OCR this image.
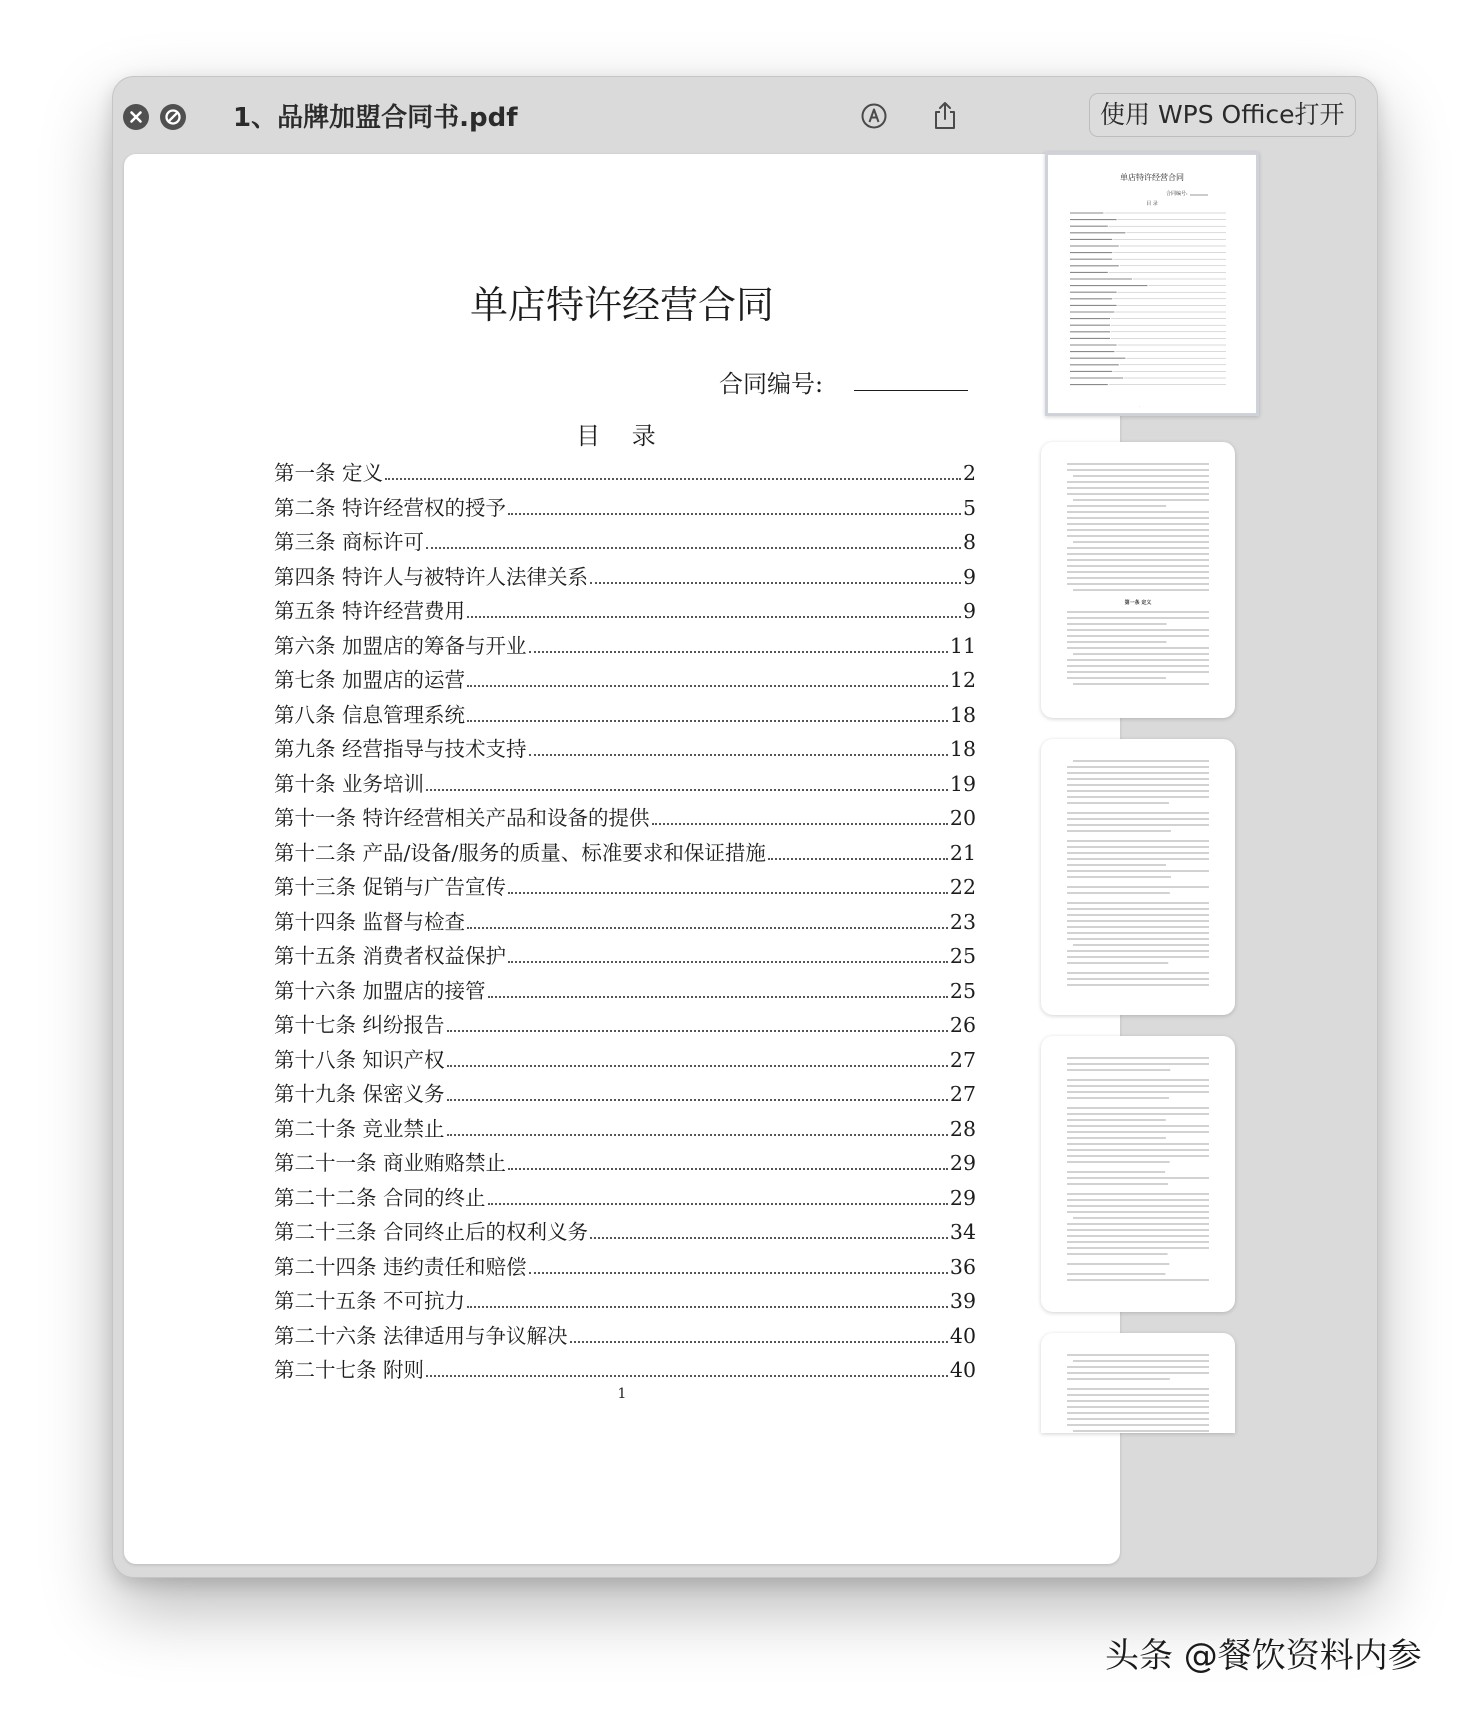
1、品牌加盟合同书.pdf	使用 WPS Office打开
单店特许经营合同
合同编号:
目 录
第一条 定义	2
第二条 特许经营权的授予	5
第三条 商标许可	8
第四条 特许人与被特许人法律关系	9
第五条 特许经营费用	9
第六条 加盟店的筹备与开业	11
第七条 加盟店的运营	12
第八条 信息管理系统	18
第九条 经营指导与技术支持	18
第十条 业务培训	19
第十一条 特许经营相关产品和设备的提供	20
第十二条 产品/设备/服务的质量、标准要求和保证措施	21
第十三条 促销与广告宣传	22
第十四条 监督与检查	23
第十五条 消费者权益保护	25
第十六条 加盟店的接管	25
第十七条 纠纷报告	26
第十八条 知识产权	27
第十九条 保密义务	27
第二十条 竞业禁止	28
第二十一条 商业贿赂禁止	29
第二十二条 合同的终止	29
第二十三条 合同终止后的权利义务	34
第二十四条 违约责任和赔偿	36
第二十五条 不可抗力	39
第二十六条 法律适用与争议解决	40
第二十七条 附则	40
1
单店特许经营合同
合同编号:
目 录
.
第一条 定义
头条 @餐饮资料内参
